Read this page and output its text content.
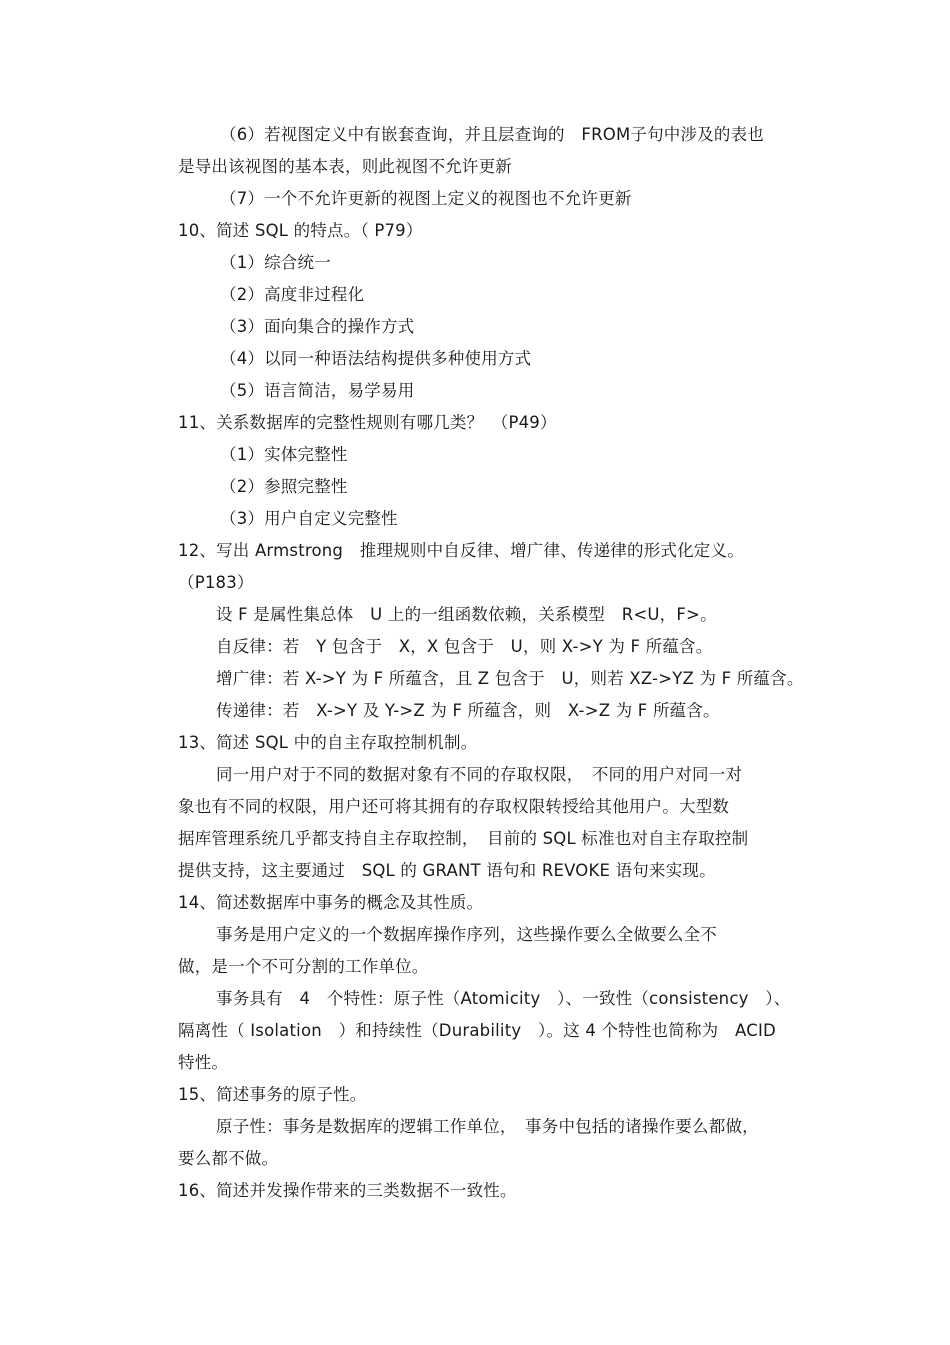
（6）若视图定义中有嵌套查询，并且层查询的　FROM子句中涉及的表也
是导出该视图的基本表，则此视图不允许更新
（7）一个不允许更新的视图上定义的视图也不允许更新
10、简述 SQL 的特点。（ P79）
（1）综合统一
（2）高度非过程化
（3）面向集合的操作方式
（4）以同一种语法结构提供多种使用方式
（5）语言简洁，易学易用
11、关系数据库的完整性规则有哪几类？　（P49）
（1）实体完整性
（2）参照完整性
（3）用户自定义完整性
12、写出 Armstrong　推理规则中自反律、增广律、传递律的形式化定义。
（P183）
设 F 是属性集总体　U 上的一组函数依赖，关系模型　R<U，F>。
自反律：若　Y 包含于　X，X 包含于　U，则 X->Y 为 F 所蕴含。
增广律：若 X->Y 为 F 所蕴含，且 Z 包含于　U，则若 XZ->YZ 为 F 所蕴含。
传递律：若　X->Y 及 Y->Z 为 F 所蕴含，则　X->Z 为 F 所蕴含。
13、简述 SQL 中的自主存取控制机制。
同一用户对于不同的数据对象有不同的存取权限，　不同的用户对同一对
象也有不同的权限，用户还可将其拥有的存取权限转授给其他用户。大型数
据库管理系统几乎都支持自主存取控制，　目前的 SQL 标准也对自主存取控制
提供支持，这主要通过　SQL 的 GRANT 语句和 REVOKE 语句来实现。
14、简述数据库中事务的概念及其性质。
事务是用户定义的一个数据库操作序列，这些操作要么全做要么全不
做，是一个不可分割的工作单位。
事务具有　4　个特性：原子性（Atomicity　）、一致性（consistency　）、
隔离性（ Isolation　）和持续性（Durability　）。这 4 个特性也简称为　ACID
特性。
15、简述事务的原子性。
原子性：事务是数据库的逻辑工作单位，　事务中包括的诸操作要么都做，
要么都不做。
16、简述并发操作带来的三类数据不一致性。
